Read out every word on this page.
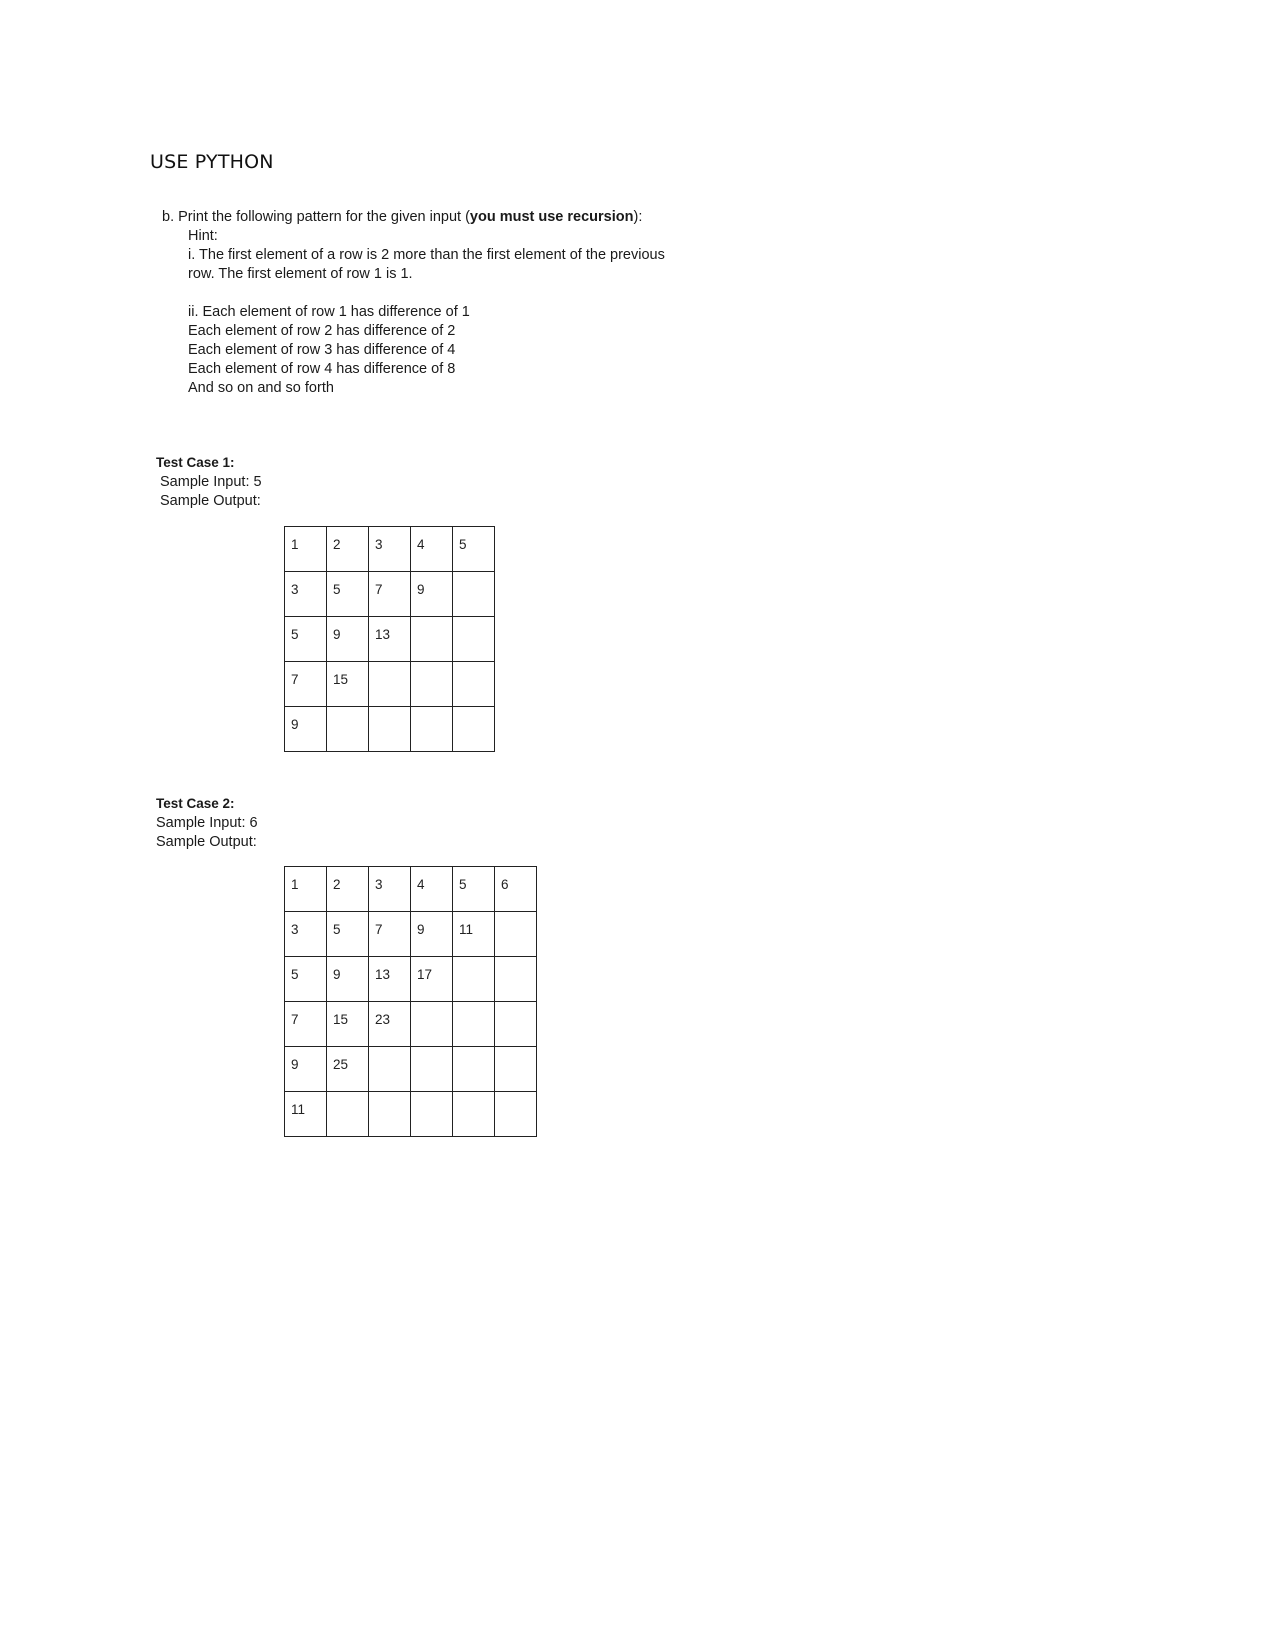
USE PYTHON
b. Print the following pattern for the given input (you must use recursion):
Hint:
i. The first element of a row is 2 more than the first element of the previous
row. The first element of row 1 is 1.
ii. Each element of row 1 has difference of 1
Each element of row 2 has difference of 2
Each element of row 3 has difference of 4
Each element of row 4 has difference of 8
And so on and so forth
Test Case 1:
Sample Input: 5
Sample Output:
1	2	3	4	5

3	5	7	9	

5	9	13		

7	15			

9				

Test Case 2:
Sample Input: 6
Sample Output:
1	2	3	4	5	6

3	5	7	9	11	

5	9	13	17		

7	15	23			

9	25				

11					
